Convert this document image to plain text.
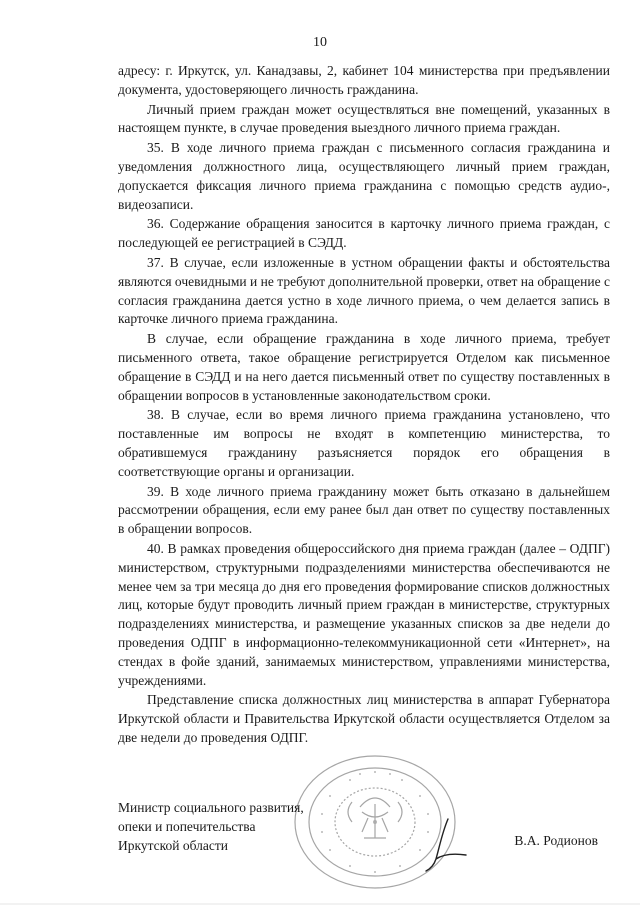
10

адресу: г. Иркутск, ул. Канадзавы, 2, кабинет 104 министерства при предъявлении документа, удостоверяющего личность гражданина.

Личный прием граждан может осуществляться вне помещений, указанных в настоящем пункте, в случае проведения выездного личного приема граждан.

35. В ходе личного приема граждан с письменного согласия гражданина и уведомления должностного лица, осуществляющего личный прием граждан, допускается фиксация личного приема гражданина с помощью средств аудио-, видеозаписи.

36. Содержание обращения заносится в карточку личного приема граждан, с последующей ее регистрацией в СЭДД.

37. В случае, если изложенные в устном обращении факты и обстоятельства являются очевидными и не требуют дополнительной проверки, ответ на обращение с согласия гражданина дается устно в ходе личного приема, о чем делается запись в карточке личного приема гражданина.

В случае, если обращение гражданина в ходе личного приема, требует письменного ответа, такое обращение регистрируется Отделом как письменное обращение в СЭДД и на него дается письменный ответ по существу поставленных в обращении вопросов в установленные законодательством сроки.

38. В случае, если во время личного приема гражданина установлено, что поставленные им вопросы не входят в компетенцию министерства, то обратившемуся гражданину разъясняется порядок его обращения в соответствующие органы и организации.

39. В ходе личного приема гражданину может быть отказано в дальнейшем рассмотрении обращения, если ему ранее был дан ответ по существу поставленных в обращении вопросов.

40. В рамках проведения общероссийского дня приема граждан (далее – ОДПГ) министерством, структурными подразделениями министерства обеспечиваются не менее чем за три месяца до дня его проведения формирование списков должностных лиц, которые будут проводить личный прием граждан в министерстве, структурных подразделениях министерства, и размещение указанных списков за две недели до проведения ОДПГ в информационно-телекоммуникационной сети «Интернет», на стендах в фойе зданий, занимаемых министерством, управлениями министерства, учреждениями.

Представление списка должностных лиц министерства в аппарат Губернатора Иркутской области и Правительства Иркутской области осуществляется Отделом за две недели до проведения ОДПГ.

Министр социального развития,
опеки и попечительства
Иркутской области	В.А. Родионов
